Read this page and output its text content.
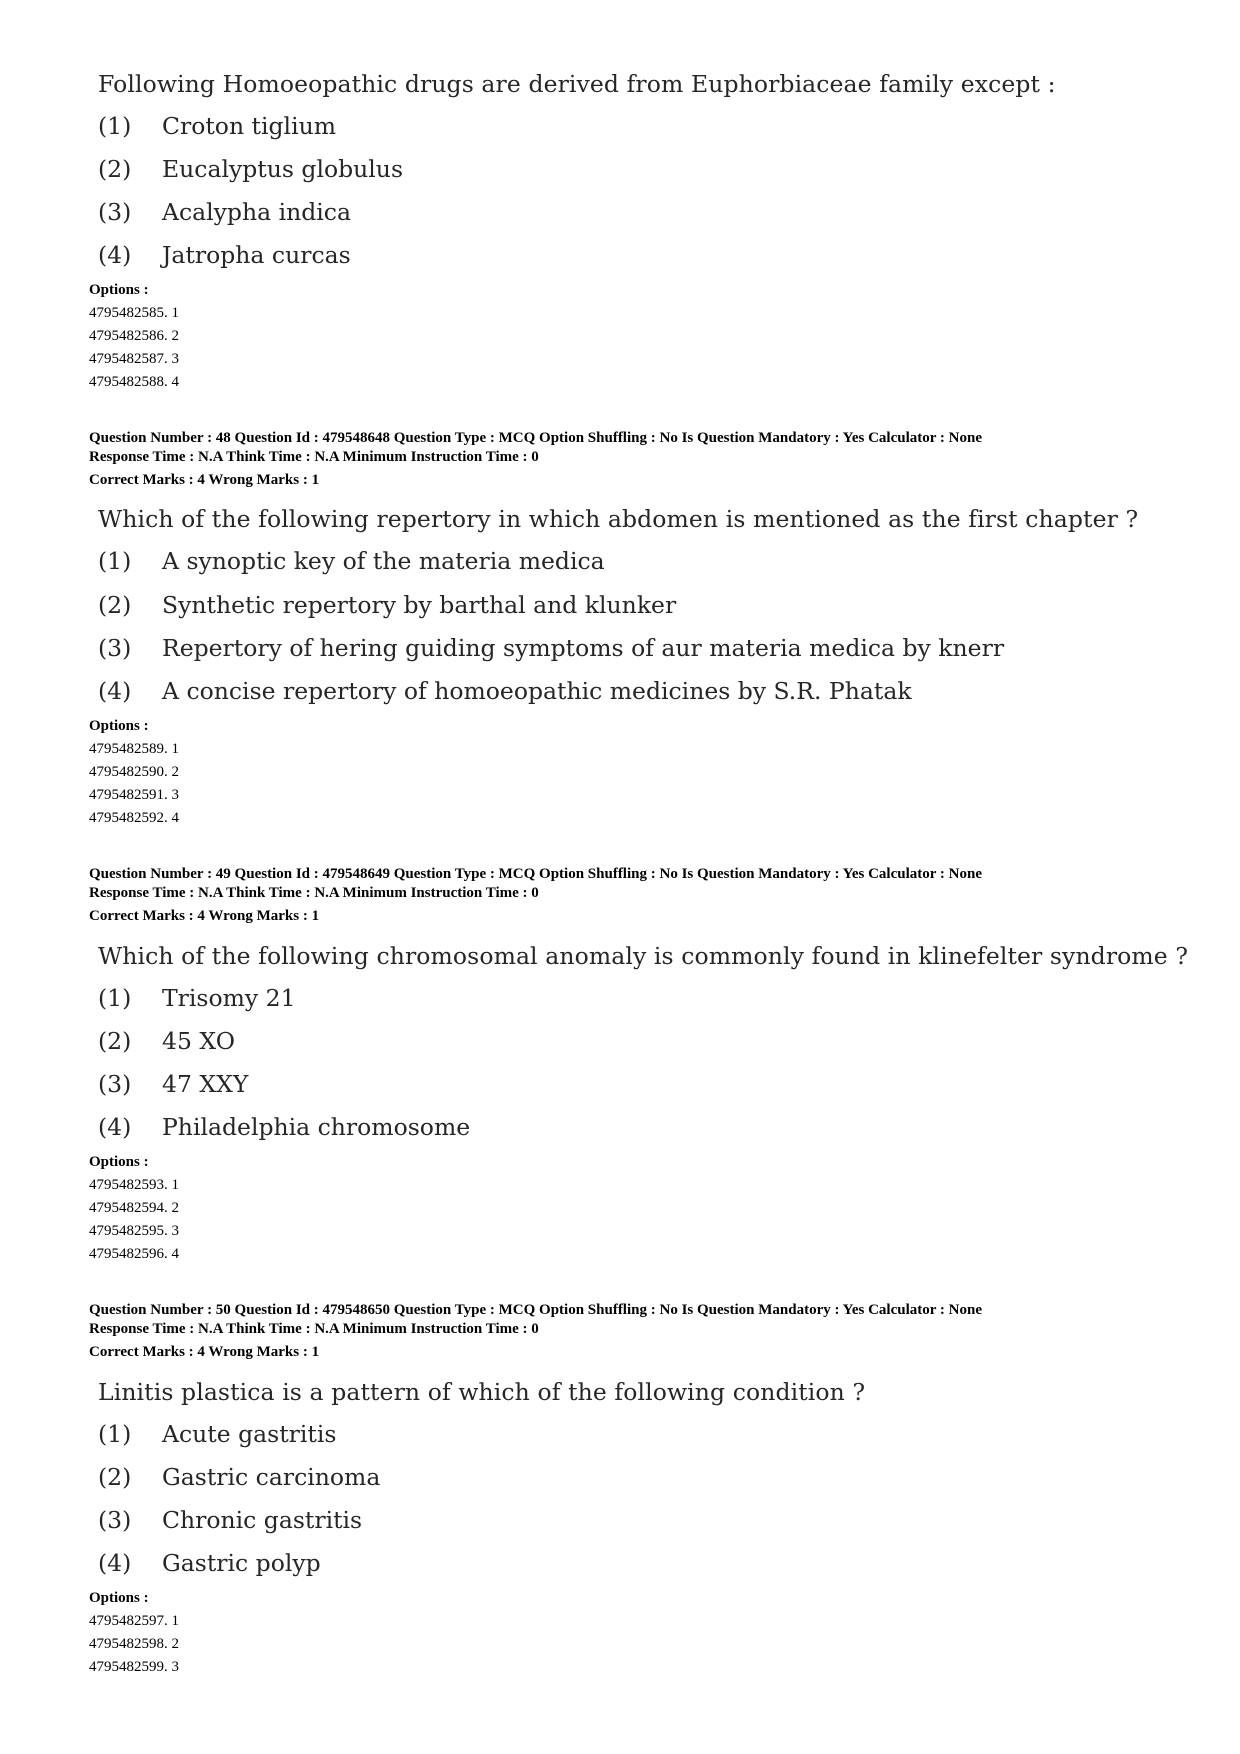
Following Homoeopathic drugs are derived from Euphorbiaceae family except :
(1) Croton tiglium
(2) Eucalyptus globulus
(3) Acalypha indica
(4) Jatropha curcas
Options :
4795482585. 1
4795482586. 2
4795482587. 3
4795482588. 4
Question Number : 48 Question Id : 479548648 Question Type : MCQ Option Shuffling : No Is Question Mandatory : Yes Calculator : None
Response Time : N.A Think Time : N.A Minimum Instruction Time : 0
Correct Marks : 4 Wrong Marks : 1
Which of the following repertory in which abdomen is mentioned as the first chapter ?
(1) A synoptic key of the materia medica
(2) Synthetic repertory by barthal and klunker
(3) Repertory of hering guiding symptoms of aur materia medica by knerr
(4) A concise repertory of homoeopathic medicines by S.R. Phatak
Options :
4795482589. 1
4795482590. 2
4795482591. 3
4795482592. 4
Question Number : 49 Question Id : 479548649 Question Type : MCQ Option Shuffling : No Is Question Mandatory : Yes Calculator : None
Response Time : N.A Think Time : N.A Minimum Instruction Time : 0
Correct Marks : 4 Wrong Marks : 1
Which of the following chromosomal anomaly is commonly found in klinefelter syndrome ?
(1) Trisomy 21
(2) 45 XO
(3) 47 XXY
(4) Philadelphia chromosome
Options :
4795482593. 1
4795482594. 2
4795482595. 3
4795482596. 4
Question Number : 50 Question Id : 479548650 Question Type : MCQ Option Shuffling : No Is Question Mandatory : Yes Calculator : None
Response Time : N.A Think Time : N.A Minimum Instruction Time : 0
Correct Marks : 4 Wrong Marks : 1
Linitis plastica is a pattern of which of the following condition ?
(1) Acute gastritis
(2) Gastric carcinoma
(3) Chronic gastritis
(4) Gastric polyp
Options :
4795482597. 1
4795482598. 2
4795482599. 3
